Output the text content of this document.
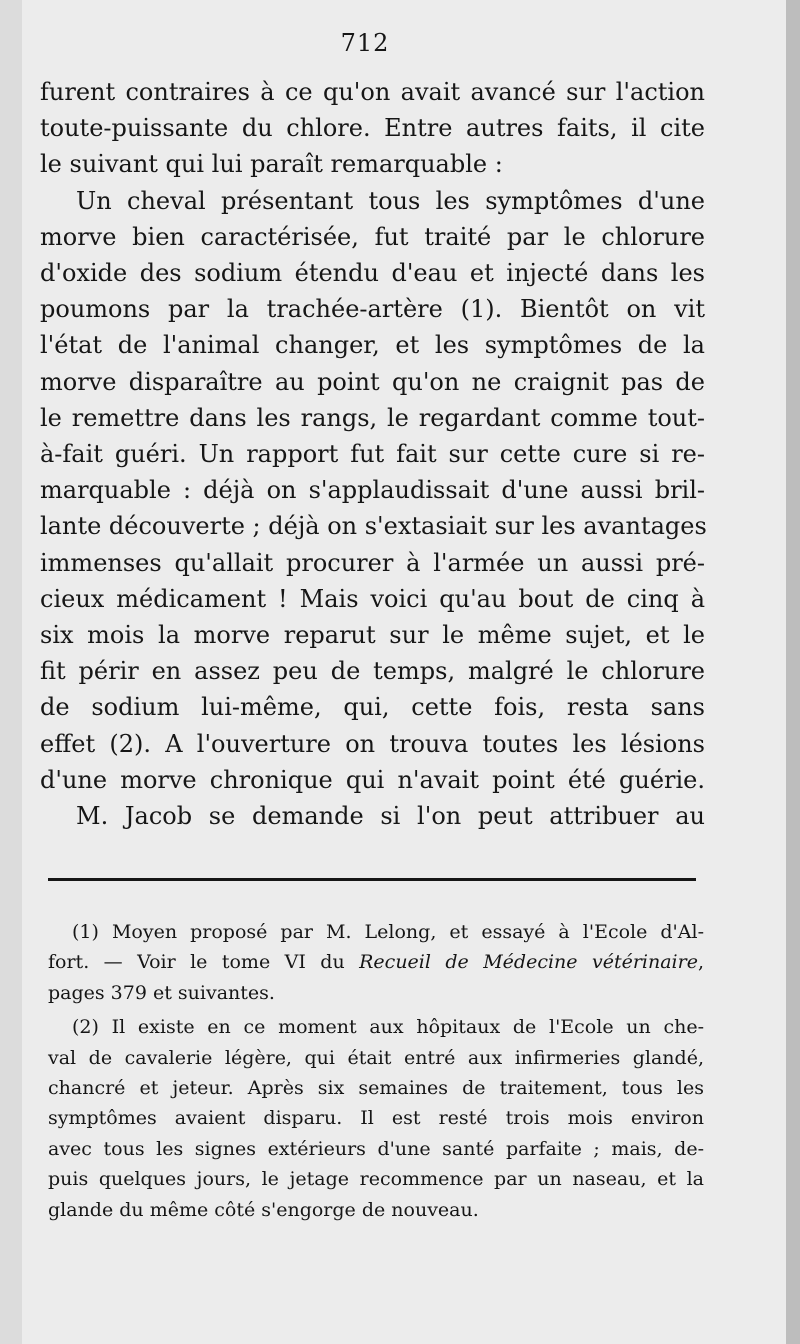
712
furent contraires à ce qu'on avait avancé sur l'action
toute-puissante du chlore. Entre autres faits, il cite
le suivant qui lui paraît remarquable :
Un cheval présentant tous les symptômes d'une
morve bien caractérisée, fut traité par le chlorure
d'oxide des sodium étendu d'eau et injecté dans les
poumons par la trachée-artère (1). Bientôt on vit
l'état de l'animal changer, et les symptômes de la
morve disparaître au point qu'on ne craignit pas de
le remettre dans les rangs, le regardant comme tout-
à-fait guéri. Un rapport fut fait sur cette cure si re-
marquable : déjà on s'applaudissait d'une aussi bril-
lante découverte ; déjà on s'extasiait sur les avantages
immenses qu'allait procurer à l'armée un aussi pré-
cieux médicament ! Mais voici qu'au bout de cinq à
six mois la morve reparut sur le même sujet, et le
fit périr en assez peu de temps, malgré le chlorure
de sodium lui-même, qui, cette fois, resta sans
effet (2). A l'ouverture on trouva toutes les lésions
d'une morve chronique qui n'avait point été guérie.
M. Jacob se demande si l'on peut attribuer au
(1) Moyen proposé par M. Lelong, et essayé à l'Ecole d'Al-
fort. — Voir le tome VI du Recueil de Médecine vétérinaire,
pages 379 et suivantes.
(2) Il existe en ce moment aux hôpitaux de l'Ecole un che-
val de cavalerie légère, qui était entré aux infirmeries glandé,
chancré et jeteur. Après six semaines de traitement, tous les
symptômes avaient disparu. Il est resté trois mois environ
avec tous les signes extérieurs d'une santé parfaite ; mais, de-
puis quelques jours, le jetage recommence par un naseau, et la
glande du même côté s'engorge de nouveau.
